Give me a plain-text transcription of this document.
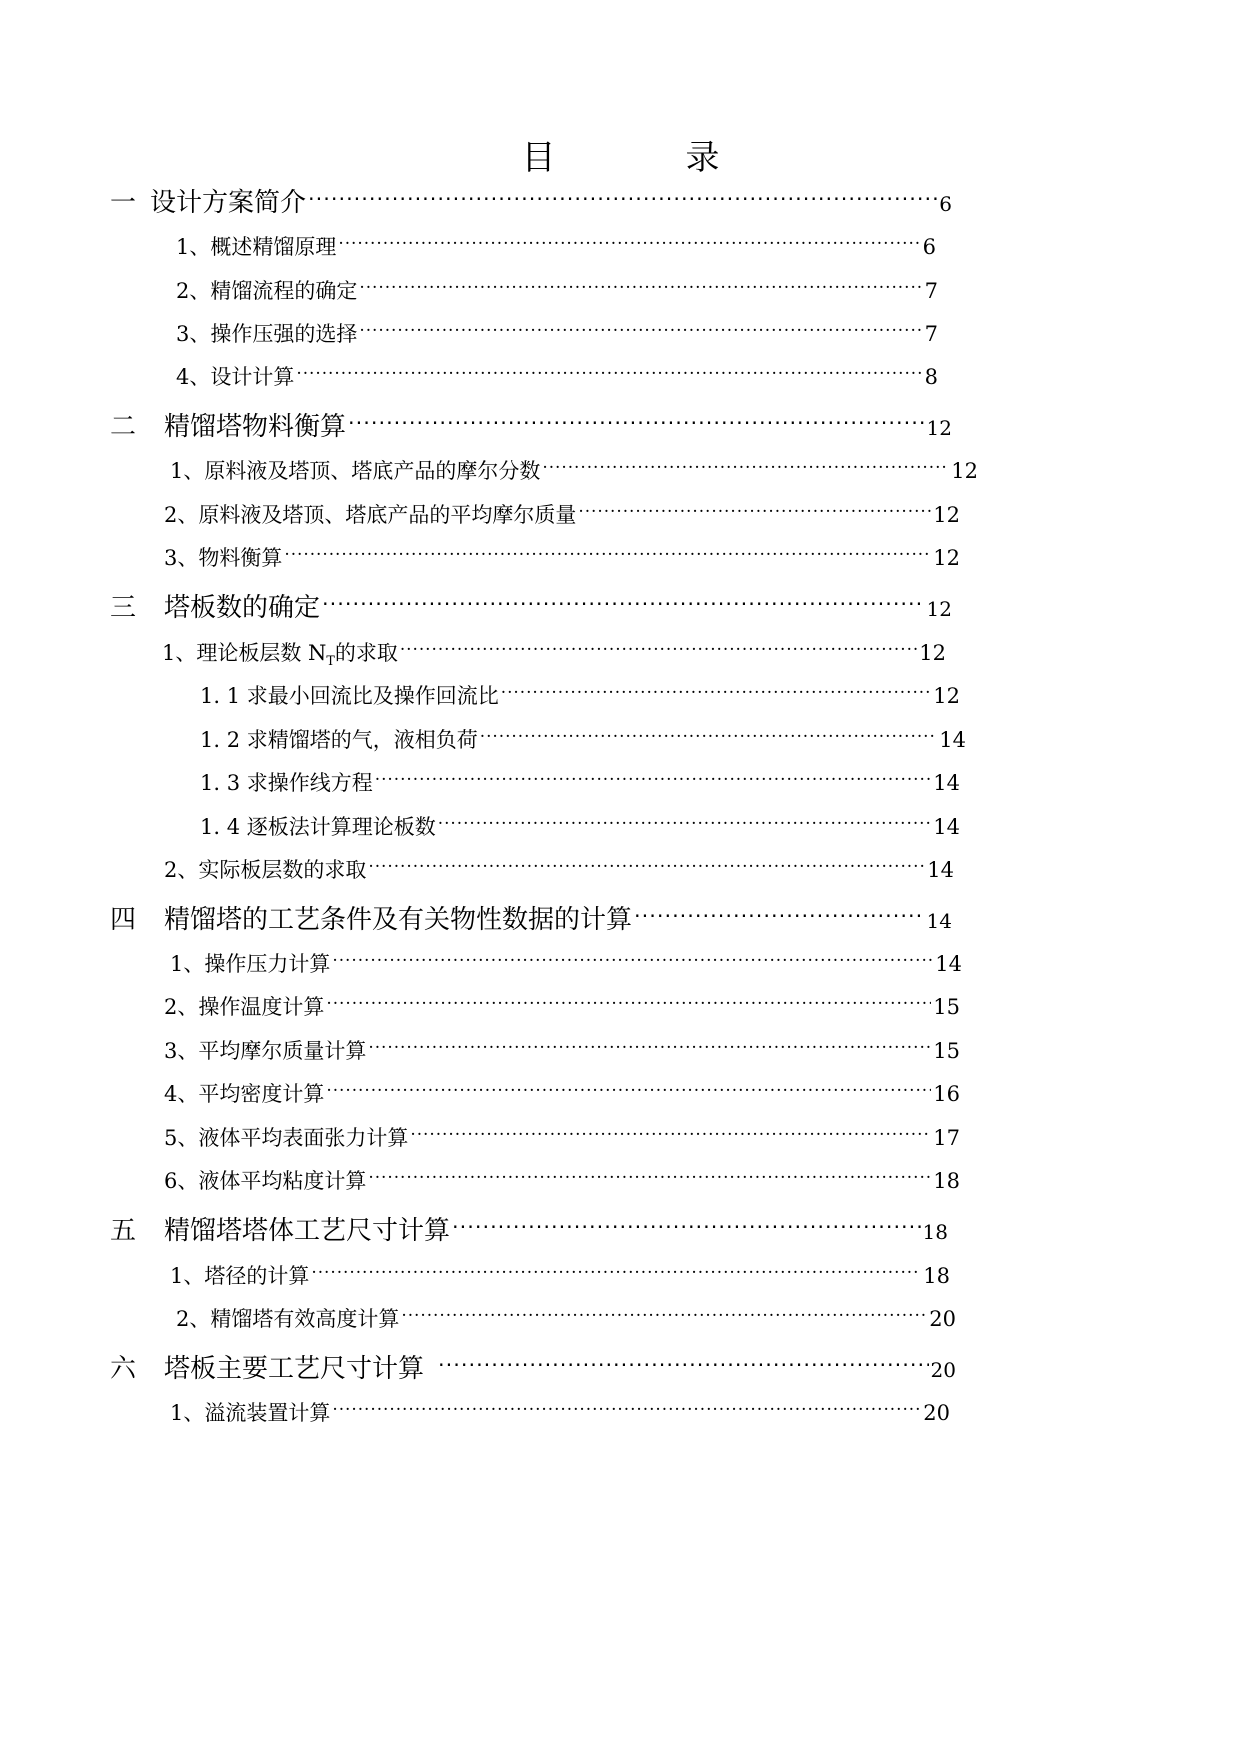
目　录
一 设计方案简介 .....	6
1、概述精馏原理 .....	6
2、精馏流程的确定 .....	7
3、操作压强的选择 .....	7
4、设计计算 .....	8
二	精馏塔物料衡算 .....	12
1、原料液及塔顶、塔底产品的摩尔分数 .....	12
2、原料液及塔顶、塔底产品的平均摩尔质量 .....	12
3、物料衡算 .....	12
三	塔板数的确定 .....	12
1、理论板层数 $N_T$的求取 .....	12
1. 1 求最小回流比及操作回流比 .....	12
1. 2 求精馏塔的气，液相负荷 .....	14
1. 3 求操作线方程 .....	14
1. 4 逐板法计算理论板数 .....	14
2、实际板层数的求取 .....	14
四	精馏塔的工艺条件及有关物性数据的计算 .....	14
1、操作压力计算 .....	14
2、操作温度计算 .....	15
3、平均摩尔质量计算 .....	15
4、平均密度计算 .....	16
5、液体平均表面张力计算 .....	17
6、液体平均粘度计算 .....	18
五	精馏塔塔体工艺尺寸计算 .....	18
1、塔径的计算 .....	18
2、精馏塔有效高度计算 .....	20
六	塔板主要工艺尺寸计算 .....	20
1、溢流装置计算 .....	20
